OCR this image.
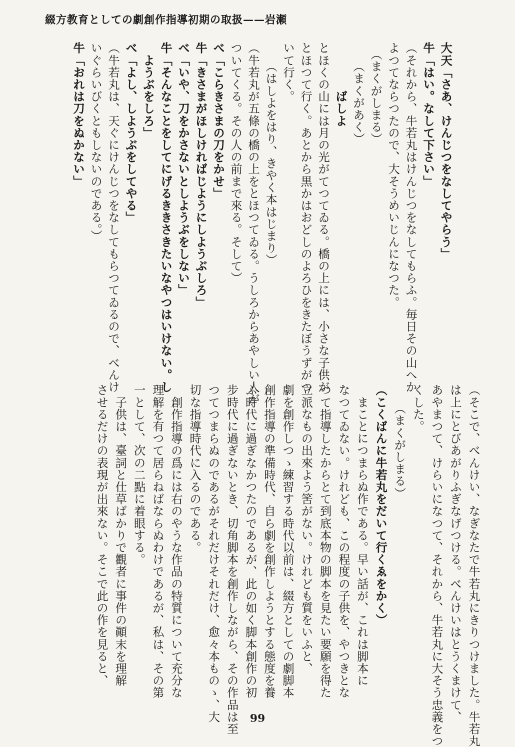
綴方教育としての劇創作指導初期の取扱——岩瀬
大天「さあ、けんじつをなしてやらう」
牛「はい。なして下さい」
（それから、牛若丸はけんじつをなしてもらふ。毎日その山へか
よつてならつたので、大そうめいじんになつた。
　（まくがしまる）
　　（まくがあく）
　　　　ばしよ
とほくの山には月の光がてつてゐる。橋の上には、小さな子供が
とほつて行く。あとから黒かはおどしのよろひをきたぼうずがつ
いて行く。
　　（はしよをはり、きやく本はじまり）
（牛若丸が五條の橋の上をとほつてゐる。うしろからあやしい人が
ついてくる。その人の前まで來る。そして）
べ「こらきさまの刀をかせ」
牛「きさまがほしければじようにしようぶしろ」
べ「いや、刀をかさないとしようぶをしない」
牛「そんなことをしてにげるききさきたいなやつはいけない。し
　ようぶをしろ」
べ「よし、しようぶをしてやる」
（牛若丸は、天ぐにけんじつをなしてもらつてゐるので、べんけ
いぐらいびくともしないのである。）
牛「おれは刀をぬかない」
（そこで、べんけい、なぎなたで牛若丸にきりつけました。牛若丸
は上にとびあがりふぎなげつける。べんけいはとうくまけて、
あやまつて、けらいになつて、それから、牛若丸に大そう忠義をつ
くした。
　　（まくがしまる）
（こくばんに牛若丸をだいて行くゑをかく）
　まことにつまらぬ作である。早い話が、これは脚本に
なつてゐない。けれども、この程度の子供を、やつきとな
つて指導したからとて到底本物の脚本を見たい要願を得た
立派なもの出來よう筈がない。けれども質をいふと、
劇を創作しつゝ練習する時代以前は、綴方としての劇脚本
創作指導の準備時代、自ら劇を創作しようとする態度を養
ふ時代に過ぎなかつたのであるが、此の如く脚本創作の初
步時代に過ぎないとき、切角脚本を創作しながら、その作品は至
つてつまらぬのであるがそれだけそれだけ、愈々本ものゝ、大
切な指導時代に入るのである。
　創作指導の爲には右のやうな作品の特質について充分な
理解を有つて居らねばならぬわけであるが、私は、その第
一として、次の二點に着眼する。
　子供は、臺詞と仕草ばかりで觀者に事件の顚末を理解
させるだけの表現が出來ない。そこで此の作を見ると、
99
